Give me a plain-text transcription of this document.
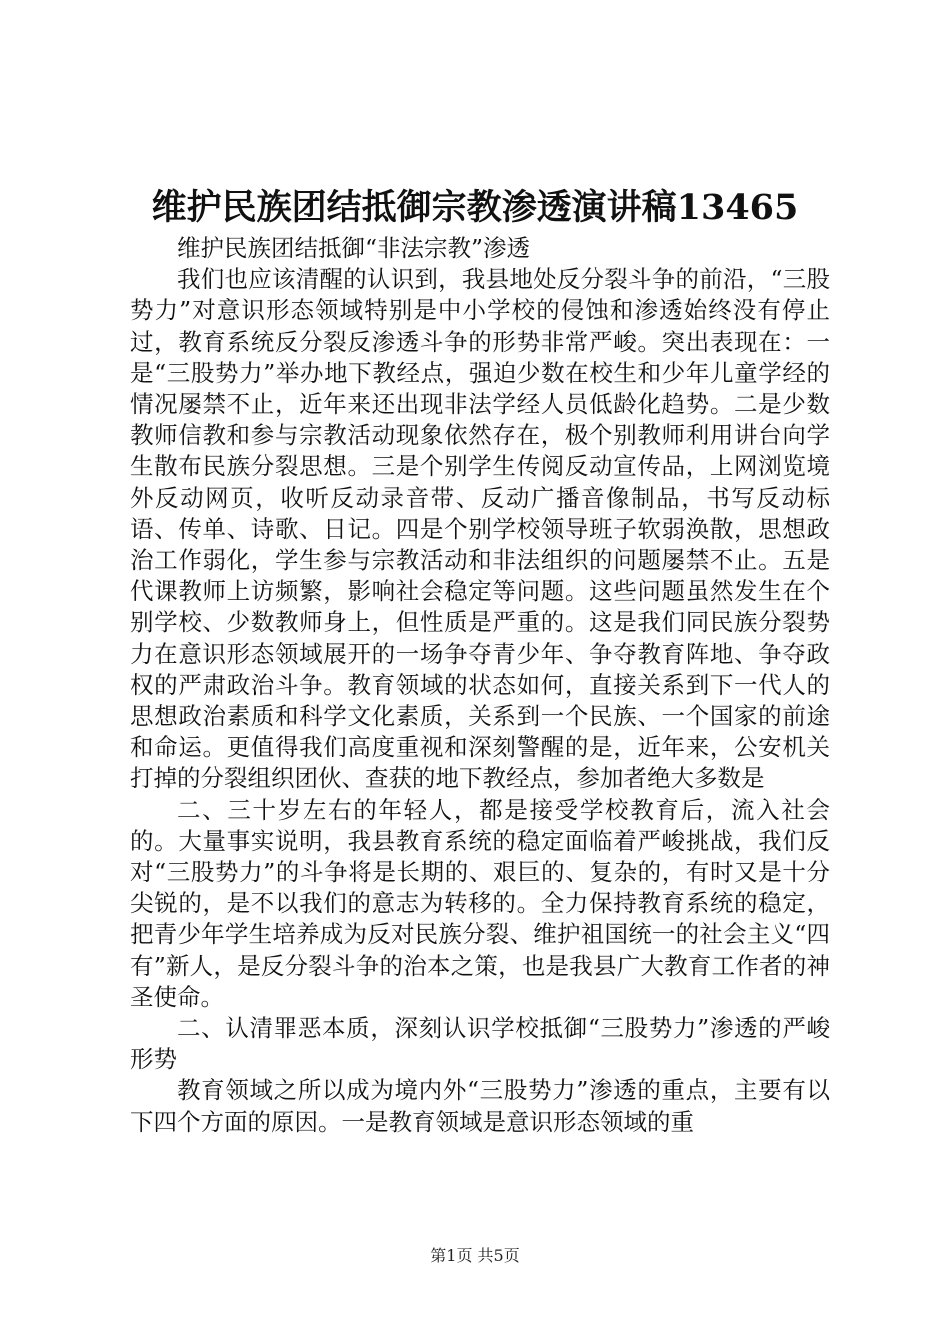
维护民族团结抵御宗教渗透演讲稿13465

维护民族团结抵御“非法宗教”渗透

我们也应该清醒的认识到，我县地处反分裂斗争的前沿，“三股势力”对意识形态领域特别是中小学校的侵蚀和渗透始终没有停止过，教育系统反分裂反渗透斗争的形势非常严峻。突出表现在：一是“三股势力”举办地下教经点，强迫少数在校生和少年儿童学经的情况屡禁不止，近年来还出现非法学经人员低龄化趋势。二是少数教师信教和参与宗教活动现象依然存在，极个别教师利用讲台向学生散布民族分裂思想。三是个别学生传阅反动宣传品，上网浏览境外反动网页，收听反动录音带、反动广播音像制品，书写反动标语、传单、诗歌、日记。四是个别学校领导班子软弱涣散，思想政治工作弱化，学生参与宗教活动和非法组织的问题屡禁不止。五是代课教师上访频繁，影响社会稳定等问题。这些问题虽然发生在个别学校、少数教师身上，但性质是严重的。这是我们同民族分裂势力在意识形态领域展开的一场争夺青少年、争夺教育阵地、争夺政权的严肃政治斗争。教育领域的状态如何，直接关系到下一代人的思想政治素质和科学文化素质，关系到一个民族、一个国家的前途和命运。更值得我们高度重视和深刻警醒的是，近年来，公安机关打掉的分裂组织团伙、查获的地下教经点，参加者绝大多数是

二、三十岁左右的年轻人，都是接受学校教育后，流入社会的。大量事实说明，我县教育系统的稳定面临着严峻挑战，我们反对“三股势力”的斗争将是长期的、艰巨的、复杂的，有时又是十分尖锐的，是不以我们的意志为转移的。全力保持教育系统的稳定，把青少年学生培养成为反对民族分裂、维护祖国统一的社会主义“四有”新人，是反分裂斗争的治本之策，也是我县广大教育工作者的神圣使命。

二、认清罪恶本质，深刻认识学校抵御“三股势力”渗透的严峻形势

教育领域之所以成为境内外“三股势力”渗透的重点，主要有以下四个方面的原因。一是教育领域是意识形态领域的重

第1页 共5页
